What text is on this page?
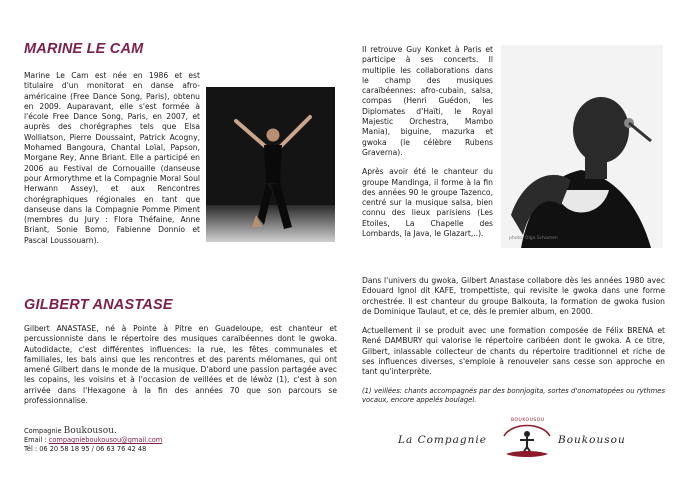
MARINE LE CAM
Marine Le Cam est née en 1986 et est titulaire d'un monitorat en danse afro-américaine (Free Dance Song, Paris), obtenu en 2009. Auparavant, elle s'est formée à l'école Free Dance Song, Paris, en 2007, et auprès des chorégraphes tels que Elsa Wolliatson, Pierre Doussaint, Patrick Acogny, Mohamed Bangoura, Chantal Loïal, Papson, Morgane Rey, Anne Briant. Elle a participé en 2006 au Festival de Cornouaille (danseuse pour Armorythme et la Compagnie Moral Soul Herwann Assey), et aux Rencontres chorégraphiques régionales en tant que danseuse dans la Compagnie Pomme Piment (membres du Jury : Flora Théfaine, Anne Briant, Sonie Bomo, Fabienne Donnio et Pascal Loussouarn).	photo: Olga Schamen

Il retrouve Guy Konket à Paris et participe à ses concerts. Il multiplie les collaborations dans le champ des musiques caraïbéennes: afro-cubain, salsa, compas (Henri Guédon, les Diplomates d'Haïti, le Royal Majestic Orchestra, Mambo Mania), biguine, mazurka et gwoka (le célèbre Rubens Graverna).

Après avoir été le chanteur du groupe Mandinga, il forme à la fin des années 90 le groupe Tazenco, centré sur la musique salsa, bien connu des lieux parisiens (Les Etoiles, La Chapelle des Lombards, la Java, le Glazart,..).

Dans l'univers du gwoka, Gilbert Anastase collabore dès les années 1980 avec Edouard Ignol dit KAFE, trompettiste, qui revisite le gwoka dans une forme orchestrée. Il est chanteur du groupe Balkouta, la formation de gwoka fusion de Dominique Taulaut, et ce, dès le premier album, en 2000.

Actuellement il se produit avec une formation composée de Félix BRENA et René DAMBURY qui valorise le répertoire caribéen dont le gwoka. A ce titre, Gilbert, inlassable collecteur de chants du répertoire traditionnel et riche de ses influences diverses, s'emploie à renouveler sans cesse son approche en tant qu'interprète.

(1) veillées: chants accompagnés par des bonnjogita, sortes d'onomatopées ou rythmes vocaux, encore appelés boulagel.

GILBERT ANASTASE
Gilbert ANASTASE, né à Pointe à Pitre en Guadeloupe, est chanteur et percussionniste dans le répertoire des musiques caraïbéennes dont le gwoka. Autodidacte, c'est différentes influences: la rue, les fêtes communales et familiales, les bals ainsi que les rencontres et des parents mélomanes, qui ont amené Gilbert dans le monde de la musique. D'abord une passion partagée avec les copains, les voisins et à l'occasion de veillées et de léwòz (1), c'est à son arrivée dans l'Hexagone à la fin des années 70 que son parcours se professionnalise.
Compagnie Boukousou.
Email : compagnieboukousou@gmail.com
Tél : 06 20 58 18 95 / 06 63 76 42 48
La Compagnie	Boukousou
BOUKOUSOU
